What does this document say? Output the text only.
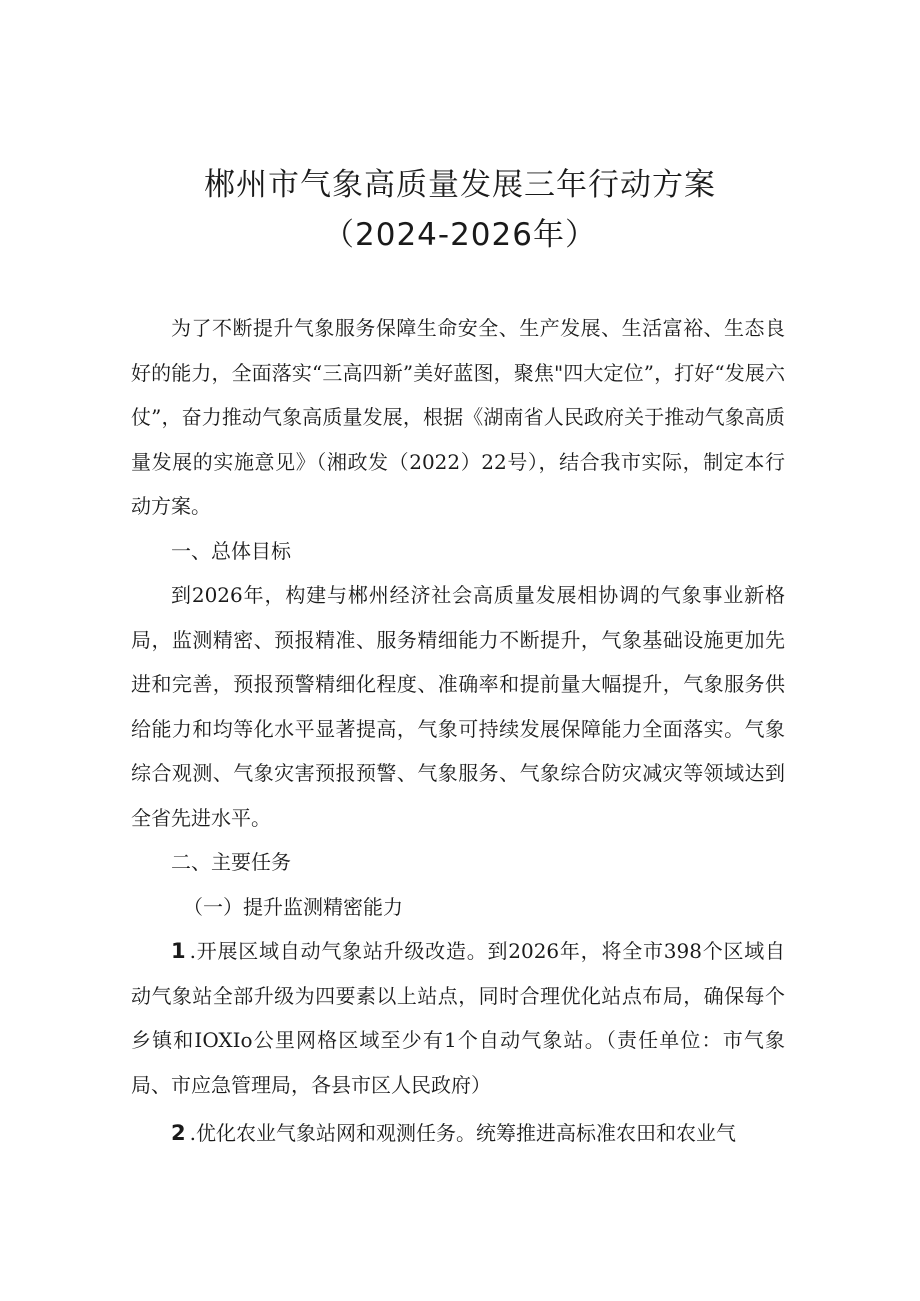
郴州市气象高质量发展三年行动方案
（2024-2026年）

为了不断提升气象服务保障生命安全、生产发展、生活富裕、生态良好的能力，全面落实“三高四新”美好蓝图，聚焦"四大定位”，打好“发展六仗”，奋力推动气象高质量发展，根据《湖南省人民政府关于推动气象高质量发展的实施意见》（湘政发（2022）22号），结合我市实际，制定本行动方案。

一、总体目标

到2026年，构建与郴州经济社会高质量发展相协调的气象事业新格局，监测精密、预报精准、服务精细能力不断提升，气象基础设施更加先进和完善，预报预警精细化程度、准确率和提前量大幅提升，气象服务供给能力和均等化水平显著提高，气象可持续发展保障能力全面落实。气象综合观测、气象灾害预报预警、气象服务、气象综合防灾减灾等领域达到全省先进水平。

二、主要任务

（一）提升监测精密能力

1 .开展区域自动气象站升级改造。到2026年，将全市398个区域自动气象站全部升级为四要素以上站点，同时合理优化站点布局，确保每个乡镇和IOXIo公里网格区域至少有1个自动气象站。（责任单位：市气象局、市应急管理局，各县市区人民政府）

2 .优化农业气象站网和观测任务。统筹推进高标准农田和农业气
